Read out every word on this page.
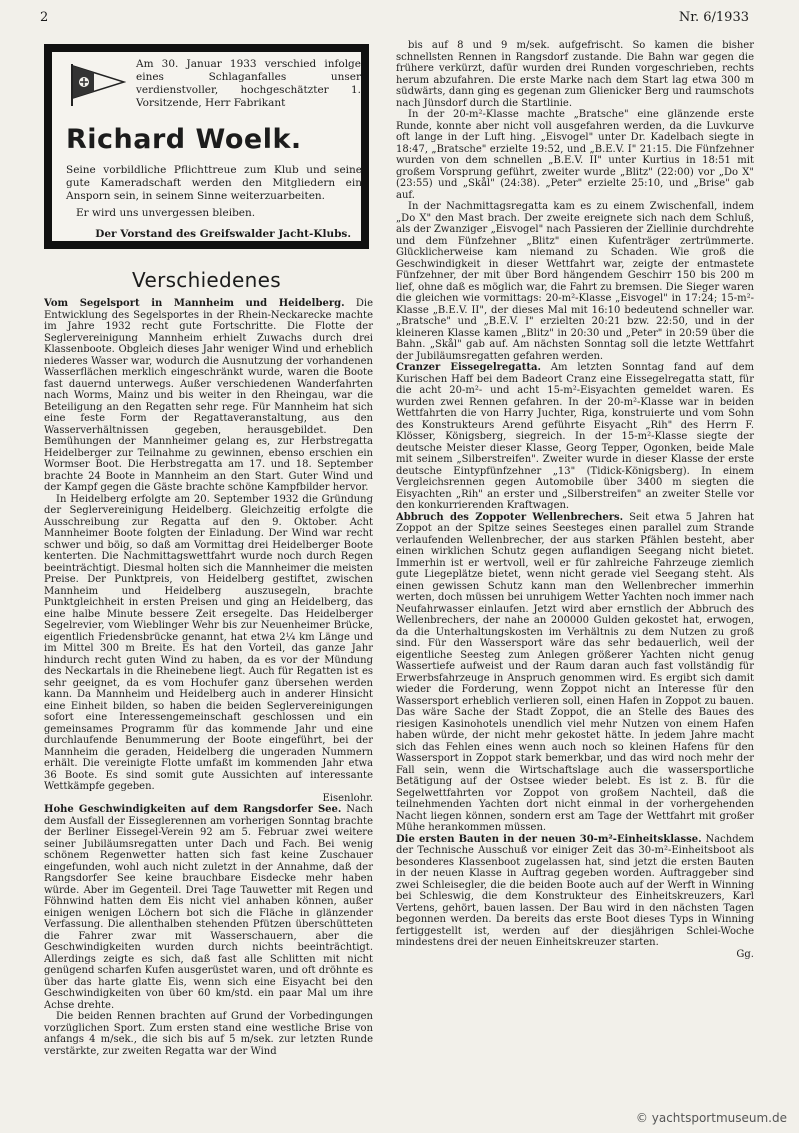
2	Nr. 6/1933
Am 30. Januar 1933 verschied infolge eines Schlaganfalles unser verdienstvoller, hochgeschätzter 1. Vorsitzende, Herr Fabrikant
Richard Woelk.

Seine vorbildliche Pflichttreue zum Klub und seine gute Kameradschaft werden den Mitgliedern ein Ansporn sein, in seinem Sinne weiterzuarbeiten.

Er wird uns unvergessen bleiben.

Der Vorstand des Greifswalder Jacht-Klubs.
Verschiedenes

Vom Segelsport in Mannheim und Heidelberg. Die Entwicklung des Segelsportes in der Rhein-Neckarecke machte im Jahre 1932 recht gute Fortschritte. Die Flotte der Seglervereinigung Mannheim erhielt Zuwachs durch drei Klassenboote. Obgleich dieses Jahr weniger Wind und erheblich niederes Wasser war, wodurch die Ausnutzung der vorhandenen Wasserflächen merklich eingeschränkt wurde, waren die Boote fast dauernd unterwegs. Außer verschiedenen Wanderfahrten nach Worms, Mainz und bis weiter in den Rheingau, war die Beteiligung an den Regatten sehr rege. Für Mannheim hat sich eine feste Form der Regattaveranstaltung, aus den Wasserverhältnissen gegeben, herausgebildet. Den Bemühungen der Mannheimer gelang es, zur Herbstregatta Heidelberger zur Teilnahme zu gewinnen, ebenso erschien ein Wormser Boot. Die Herbstregatta am 17. und 18. September brachte 24 Boote in Mannheim an den Start. Guter Wind und der Kampf gegen die Gäste brachte schöne Kampfbilder hervor.

In Heidelberg erfolgte am 20. September 1932 die Gründung der Seglervereinigung Heidelberg. Gleichzeitig erfolgte die Ausschreibung zur Regatta auf den 9. Oktober. Acht Mannheimer Boote folgten der Einladung. Der Wind war recht schwer und böig, so daß am Vormittag drei Heidelberger Boote kenterten. Die Nachmittagswettfahrt wurde noch durch Regen beeinträchtigt. Diesmal holten sich die Mannheimer die meisten Preise. Der Punktpreis, von Heidelberg gestiftet, zwischen Mannheim und Heidelberg auszusegeln, brachte Punktgleichheit in ersten Preisen und ging an Heidelberg, das eine halbe Minute bessere Zeit ersegelte. Das Heidelberger Segelrevier, vom Wieblinger Wehr bis zur Neuenheimer Brücke, eigentlich Friedensbrücke genannt, hat etwa 2¼ km Länge und im Mittel 300 m Breite. Es hat den Vorteil, das ganze Jahr hindurch recht guten Wind zu haben, da es vor der Mündung des Neckartals in die Rheinebene liegt. Auch für Regatten ist es sehr geeignet, da es vom Hochufer ganz übersehen werden kann. Da Mannheim und Heidelberg auch in anderer Hinsicht eine Einheit bilden, so haben die beiden Seglervereinigungen sofort eine Interessengemeinschaft geschlossen und ein gemeinsames Programm für das kommende Jahr und eine durchlaufende Benummerung der Boote eingeführt, bei der Mannheim die geraden, Heidelberg die ungeraden Nummern erhält. Die vereinigte Flotte umfaßt im kommenden Jahr etwa 36 Boote. Es sind somit gute Aussichten auf interessante Wettkämpfe gegeben.

Eisenlohr.

Hohe Geschwindigkeiten auf dem Rangsdorfer See. Nach dem Ausfall der Eisseglerennen am vorherigen Sonntag brachte der Berliner Eissegel-Verein 92 am 5. Februar zwei weitere seiner Jubiläumsregatten unter Dach und Fach. Bei wenig schönem Regenwetter hatten sich fast keine Zuschauer eingefunden, wohl auch nicht zuletzt in der Annahme, daß der Rangsdorfer See keine brauchbare Eisdecke mehr haben würde. Aber im Gegenteil. Drei Tage Tauwetter mit Regen und Föhnwind hatten dem Eis nicht viel anhaben können, außer einigen wenigen Löchern bot sich die Fläche in glänzender Verfassung. Die allenthalben stehenden Pfützen überschütteten die Fahrer zwar mit Wasserschauern, aber die Geschwindigkeiten wurden durch nichts beeinträchtigt. Allerdings zeigte es sich, daß fast alle Schlitten mit nicht genügend scharfen Kufen ausgerüstet waren, und oft dröhnte es über das harte glatte Eis, wenn sich eine Eisyacht bei den Geschwindigkeiten von über 60 km/std. ein paar Mal um ihre Achse drehte.

Die beiden Rennen brachten auf Grund der Vorbedingungen vorzüglichen Sport. Zum ersten stand eine westliche Brise von anfangs 4 m/sek., die sich bis auf 5 m/sek. zur letzten Runde verstärkte, zur zweiten Regatta war der Wind

bis auf 8 und 9 m/sek. aufgefrischt. So kamen die bisher schnellsten Rennen in Rangsdorf zustande. Die Bahn war gegen die frühere verkürzt, dafür wurden drei Runden vorgeschrieben, rechts herum abzufahren. Die erste Marke nach dem Start lag etwa 300 m südwärts, dann ging es gegenan zum Glienicker Berg und raumschots nach Jünsdorf durch die Startlinie.

In der 20-m²-Klasse machte „Bratsche" eine glänzende erste Runde, konnte aber nicht voll ausgefahren werden, da die Luvkurve oft lange in der Luft hing. „Eisvogel" unter Dr. Kadelbach siegte in 18:47, „Bratsche" erzielte 19:52, und „B.E.V. I" 21:15. Die Fünfzehner wurden von dem schnellen „B.E.V. II" unter Kurtius in 18:51 mit großem Vorsprung geführt, zweiter wurde „Blitz" (22:00) vor „Do X" (23:55) und „Skål" (24:38). „Peter" erzielte 25:10, und „Brise" gab auf.

In der Nachmittagsregatta kam es zu einem Zwischenfall, indem „Do X" den Mast brach. Der zweite ereignete sich nach dem Schluß, als der Zwanziger „Eisvogel" nach Passieren der Ziellinie durchdrehte und dem Fünfzehner „Blitz" einen Kufenträger zertrümmerte. Glücklicherweise kam niemand zu Schaden. Wie groß die Geschwindigkeit in dieser Wettfahrt war, zeigte der entmastete Fünfzehner, der mit über Bord hängendem Geschirr 150 bis 200 m lief, ohne daß es möglich war, die Fahrt zu bremsen. Die Sieger waren die gleichen wie vormittags: 20-m²-Klasse „Eisvogel" in 17:24; 15-m²-Klasse „B.E.V. II", der dieses Mal mit 16:10 bedeutend schneller war. „Bratsche" und „B.E.V. I" erzielten 20:21 bzw. 22:50, und in der kleineren Klasse kamen „Blitz" in 20:30 und „Peter" in 20:59 über die Bahn. „Skål" gab auf. Am nächsten Sonntag soll die letzte Wettfahrt der Jubiläumsregatten gefahren werden.

Cranzer Eissegelregatta. Am letzten Sonntag fand auf dem Kurischen Haff bei dem Badeort Cranz eine Eissegelregatta statt, für die acht 20-m²- und acht 15-m²-Eisyachten gemeldet waren. Es wurden zwei Rennen gefahren. In der 20-m²-Klasse war in beiden Wettfahrten die von Harry Juchter, Riga, konstruierte und vom Sohn des Konstrukteurs Arend geführte Eisyacht „Rih" des Herrn F. Klösser, Königsberg, siegreich. In der 15-m²-Klasse siegte der deutsche Meister dieser Klasse, Georg Tepper, Ogonken, beide Male mit seinem „Silberstreifen". Zweiter wurde in dieser Klasse der erste deutsche Eintypfünfzehner „13" (Tidick-Königsberg). In einem Vergleichsrennen gegen Automobile über 3400 m siegten die Eisyachten „Rih" an erster und „Silberstreifen" an zweiter Stelle vor den konkurrierenden Kraftwagen.

Abbruch des Zoppoter Wellenbrechers. Seit etwa 5 Jahren hat Zoppot an der Spitze seines Seesteges einen parallel zum Strande verlaufenden Wellenbrecher, der aus starken Pfählen besteht, aber einen wirklichen Schutz gegen auflandigen Seegang nicht bietet. Immerhin ist er wertvoll, weil er für zahlreiche Fahrzeuge ziemlich gute Liegeplätze bietet, wenn nicht gerade viel Seegang steht. Als einen gewissen Schutz kann man den Wellenbrecher immerhin werten, doch müssen bei unruhigem Wetter Yachten noch immer nach Neufahrwasser einlaufen. Jetzt wird aber ernstlich der Abbruch des Wellenbrechers, der nahe an 200000 Gulden gekostet hat, erwogen, da die Unterhaltungskosten im Verhältnis zu dem Nutzen zu groß sind. Für den Wassersport wäre das sehr bedauerlich, weil der eigentliche Seesteg zum Anlegen größerer Yachten nicht genug Wassertiefe aufweist und der Raum daran auch fast vollständig für Erwerbsfahrzeuge in Anspruch genommen wird. Es ergibt sich damit wieder die Forderung, wenn Zoppot nicht an Interesse für den Wassersport erheblich verlieren soll, einen Hafen in Zoppot zu bauen. Das wäre Sache der Stadt Zoppot, die an Stelle des Baues des riesigen Kasinohotels unendlich viel mehr Nutzen von einem Hafen haben würde, der nicht mehr gekostet hätte. In jedem Jahre macht sich das Fehlen eines wenn auch noch so kleinen Hafens für den Wassersport in Zoppot stark bemerkbar, und das wird noch mehr der Fall sein, wenn die Wirtschaftslage auch die wassersportliche Betätigung auf der Ostsee wieder belebt. Es ist z. B. für die Segelwettfahrten vor Zoppot von großem Nachteil, daß die teilnehmenden Yachten dort nicht einmal in der vorhergehenden Nacht liegen können, sondern erst am Tage der Wettfahrt mit großer Mühe herankommen müssen.

Die ersten Bauten in der neuen 30-m²-Einheitsklasse. Nachdem der Technische Ausschuß vor einiger Zeit das 30-m²-Einheitsboot als besonderes Klassenboot zugelassen hat, sind jetzt die ersten Bauten in der neuen Klasse in Auftrag gegeben worden. Auftraggeber sind zwei Schleisegler, die die beiden Boote auch auf der Werft in Winning bei Schleswig, die dem Konstrukteur des Einheitskreuzers, Karl Vertens, gehört, bauen lassen. Der Bau wird in den nächsten Tagen begonnen werden. Da bereits das erste Boot dieses Typs in Winning fertiggestellt ist, werden auf der diesjährigen Schlei-Woche mindestens drei der neuen Einheitskreuzer starten.

Gg.

© yachtsportmuseum.de
